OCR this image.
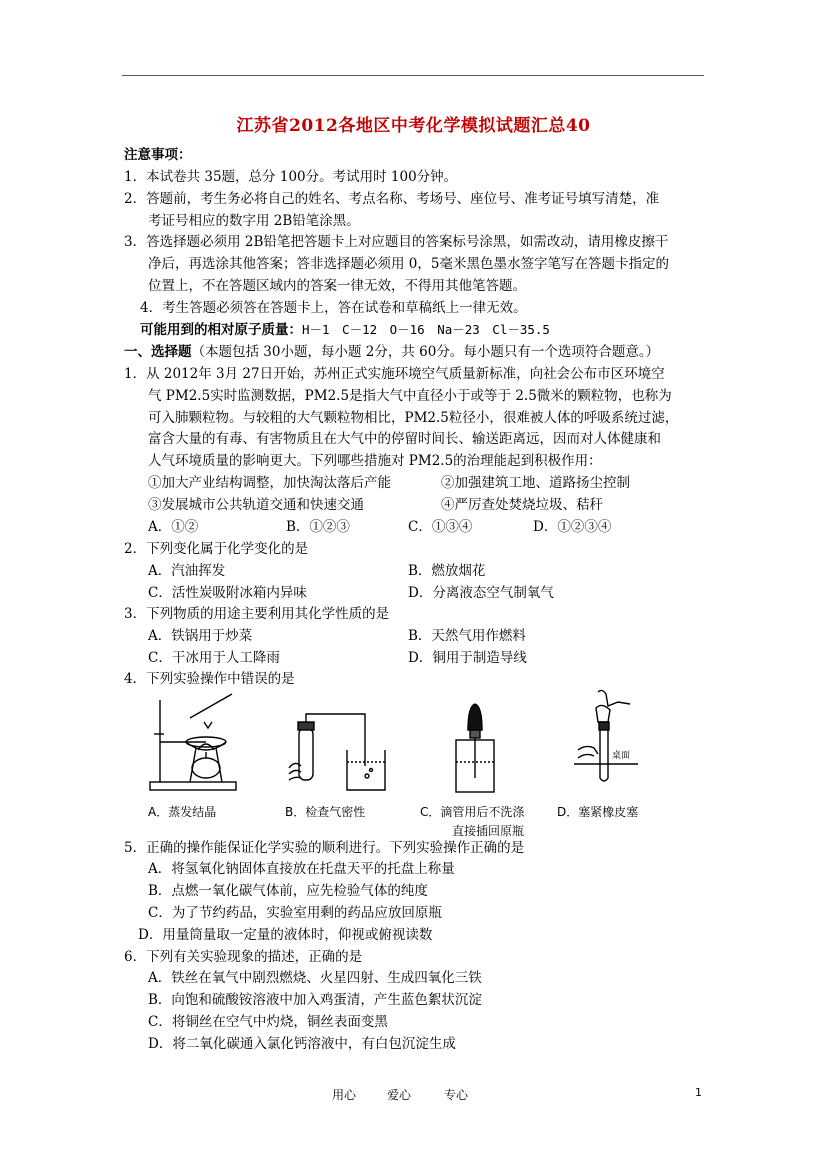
江苏省2012各地区中考化学模拟试题汇总40
注意事项：
1．本试卷共 35题，总分 100分。考试用时 100分钟。
2．答题前，考生务必将自己的姓名、考点名称、考场号、座位号、准考证号填写清楚，准
考证号相应的数字用 2B铅笔涂黑。
3．答选择题必须用 2B铅笔把答题卡上对应题目的答案标号涂黑，如需改动，请用橡皮擦干
净后，再选涂其他答案；答非选择题必须用 0，5毫米黑色墨水签字笔写在答题卡指定的
位置上，不在答题区域内的答案一律无效，不得用其他笔答题。
4．考生答题必须答在答题卡上，答在试卷和草稿纸上一律无效。
可能用到的相对原子质量：H－1　C－12　O－16　Na－23　Cl－35.5
一、选择题（本题包括 30小题，每小题 2分，共 60分。每小题只有一个选项符合题意。）
1．从 2012年 3月 27日开始，苏州正式实施环境空气质量新标准，向社会公布市区环境空
气 PM2.5实时监测数据，PM2.5是指大气中直径小于或等于 2.5微米的颗粒物，也称为
可入肺颗粒物。与较粗的大气颗粒物相比，PM2.5粒径小，很难被人体的呼吸系统过滤，
富含大量的有毒、有害物质且在大气中的停留时间长、输送距离远，因而对人体健康和
人气环境质量的影响更大。下列哪些措施对 PM2.5的治理能起到积极作用：
①加大产业结构调整，加快淘汰落后产能	②加强建筑工地、道路扬尘控制
③发展城市公共轨道交通和快速交通	④严厉查处焚烧垃圾、秸秆
A．①②	B．①②③	C．①③④	D．①②③④
2．下列变化属于化学变化的是
A．汽油挥发	B．燃放烟花
C．活性炭吸附冰箱内异味	D．分离液态空气制氧气
3．下列物质的用途主要利用其化学性质的是
A．铁锅用于炒菜	B．天然气用作燃料
C．干冰用于人工降雨	D．铜用于制造导线
4．下列实验操作中错误的是
桌面
A．蒸发结晶	B．检查气密性	C．滴管用后不洗涤
直接插回原瓶
D．塞紧橡皮塞
5．正确的操作能保证化学实验的顺利进行。下列实验操作正确的是
A．将氢氧化钠固体直接放在托盘天平的托盘上称量
B．点燃一氧化碳气体前，应先检验气体的纯度
C．为了节约药品，实验室用剩的药品应放回原瓶
D．用量筒量取一定量的液体时，仰视或俯视读数
6．下列有关实验现象的描述，正确的是
A．铁丝在氧气中剧烈燃烧、火星四射、生成四氧化三铁
B．向饱和硫酸铵溶液中加入鸡蛋清，产生蓝色絮状沉淀
C．将铜丝在空气中灼烧，铜丝表面变黑
D．将二氧化碳通入氯化钙溶液中，有白包沉淀生成
用心	爱心	专心	1
